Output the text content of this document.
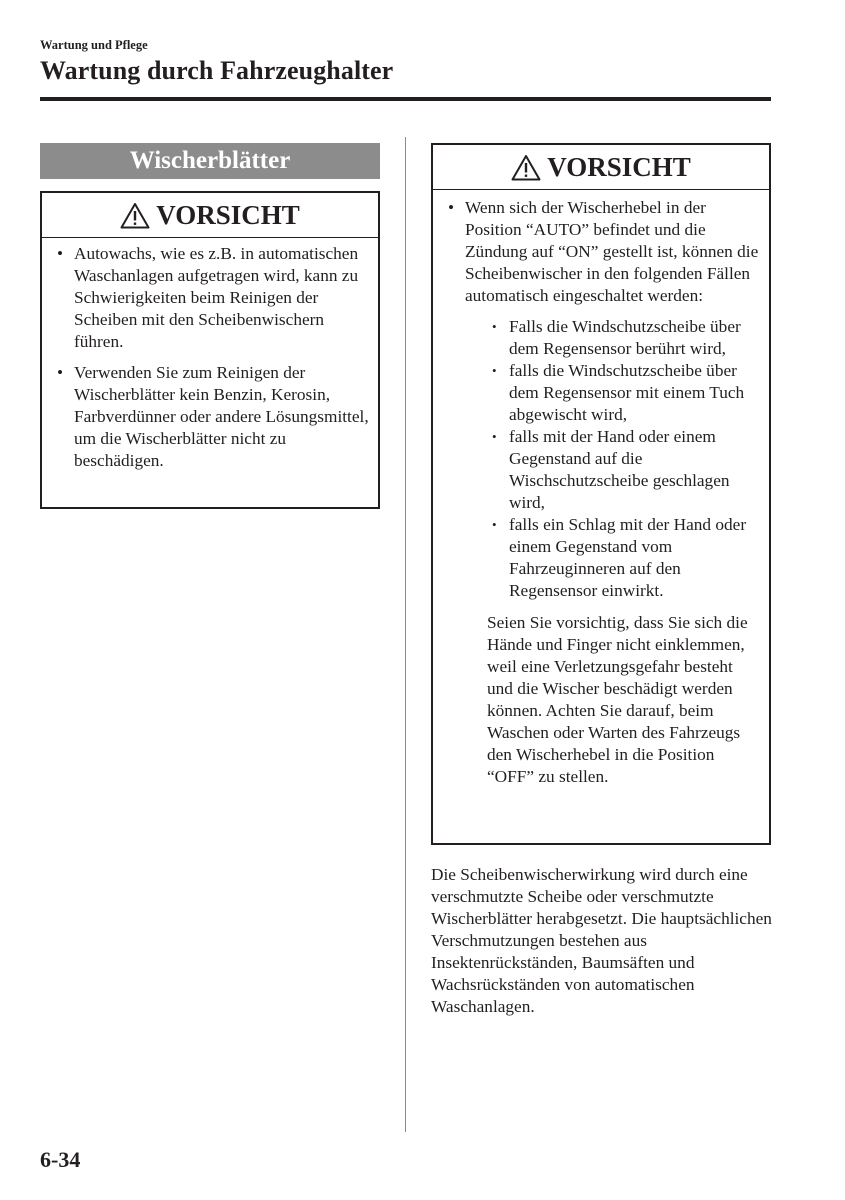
Wartung und Pflege
Wartung durch Fahrzeughalter
Wischerblätter
VORSICHT
• Autowachs, wie es z.B. in automatischen Waschanlagen aufgetragen wird, kann zu Schwierigkeiten beim Reinigen der Scheiben mit den Scheibenwischern führen.
• Verwenden Sie zum Reinigen der Wischerblätter kein Benzin, Kerosin, Farbverdünner oder andere Lösungsmittel, um die Wischerblätter nicht zu beschädigen.
VORSICHT
• Wenn sich der Wischerhebel in der Position “AUTO” befindet und die Zündung auf “ON” gestellt ist, können die Scheibenwischer in den folgenden Fällen automatisch eingeschaltet werden:
• Falls die Windschutzscheibe über dem Regensensor berührt wird,
• falls die Windschutzscheibe über dem Regensensor mit einem Tuch abgewischt wird,
• falls mit der Hand oder einem Gegenstand auf die Wischschutzscheibe geschlagen wird,
• falls ein Schlag mit der Hand oder einem Gegenstand vom Fahrzeuginneren auf den Regensensor einwirkt.

Seien Sie vorsichtig, dass Sie sich die Hände und Finger nicht einklemmen, weil eine Verletzungsgefahr besteht und die Wischer beschädigt werden können. Achten Sie darauf, beim Waschen oder Warten des Fahrzeugs den Wischerhebel in die Position “OFF” zu stellen.

Die Scheibenwischerwirkung wird durch eine verschmutzte Scheibe oder verschmutzte Wischerblätter herabgesetzt. Die hauptsächlichen Verschmutzungen bestehen aus Insektenrückständen, Baumsäften und Wachsrückständen von automatischen Waschanlagen.

6-34
